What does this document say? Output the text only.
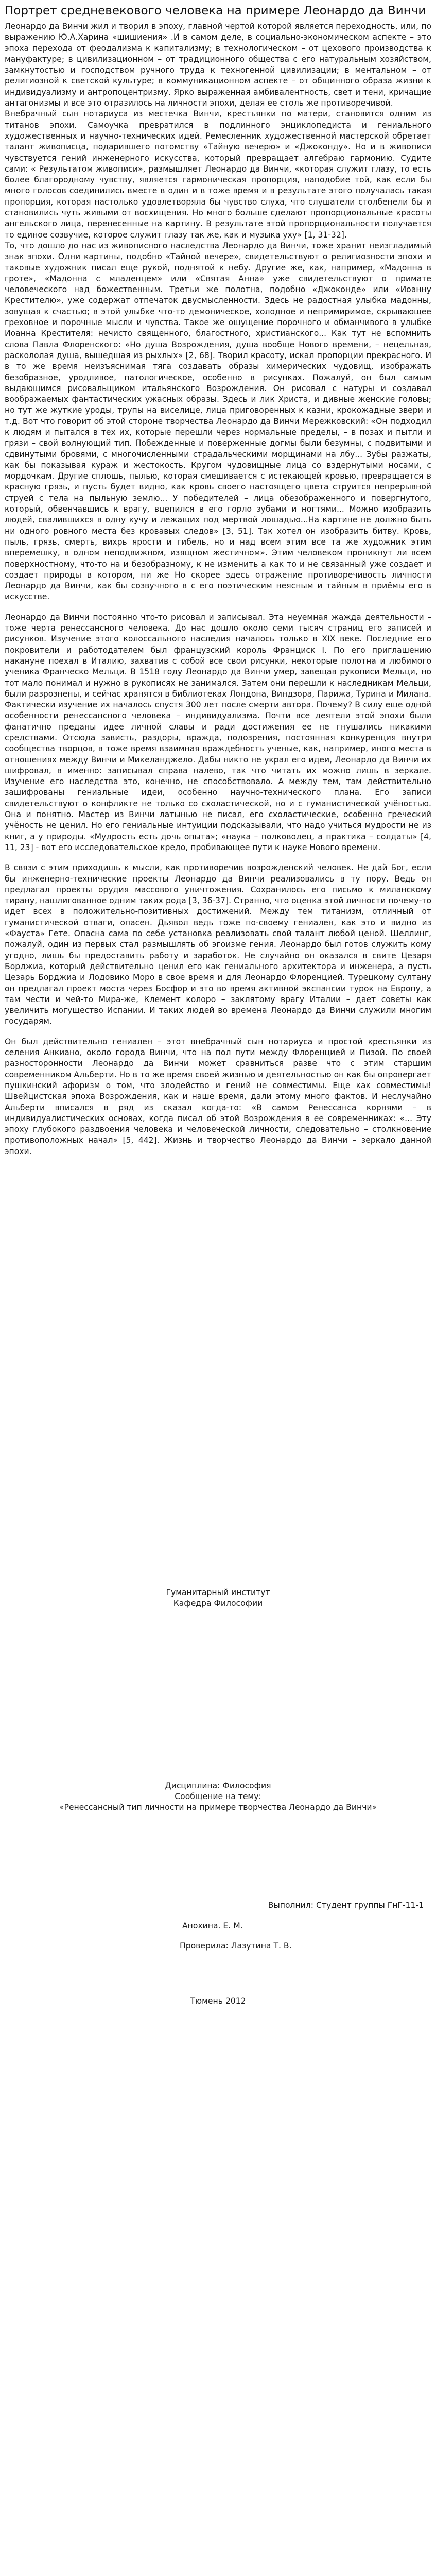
Портрет средневекового человека на примере Леонардо да Винчи

Леонардо да Винчи жил и творил в эпоху, главной чертой которой является переходность, или, по выражению Ю.А.Харина «шишиения» .И в самом деле, в социально-экономическом аспекте – это эпоха перехода от феодализма к капитализму; в технологическом – от цехового производства к мануфактуре; в цивилизационном – от традиционного общества с его натуральным хозяйством, замкнутостью и господством ручного труда к техногенной цивилизации; в ментальном – от религиозной к светской культуре; в коммуникационном аспекте – от общинного образа жизни к индивидуализму и антропоцентризму. Ярко выраженная амбивалентность, свет и тени, кричащие антагонизмы и все это отразилось на личности эпохи, делая ее столь же противоречивой.

Внебрачный сын нотариуса из местечка Винчи, крестьянки по матери, становится одним из титанов эпохи. Самоучка превратился в подлинного энциклопедиста и гениального художественных и научно-технических идей. Ремесленник художественной мастерской обретает талант живописца, подарившего потомству «Тайную вечерю» и «Джоконду». Но и в живописи чувствуется гений инженерного искусства, который превращает алгебраю гармонию. Судите сами: « Результатом живописи», размышляет Леонардо да Винчи, «которая служит глазу, то есть более благородному чувству, является гармоническая пропорция, наподобие той, как если бы много голосов соединились вместе в один и в тоже время и в результате этого получалась такая пропорция, которая настолько удовлетворяла бы чувство слуха, что слушатели столбенели бы и становились чуть живыми от восхищения. Но много больше сделают пропорциональные красоты ангельского лица, перенесенные на картину. В результате этой пропорциональности получается то единое созвучие, которое служит глазу так же, как и музыка уху» [1, 31-32].

То, что дошло до нас из живописного наследства Леонардо да Винчи, тоже хранит неизгладимый знак эпохи. Одни картины, подобно «Тайной вечере», свидетельствуют о религиозности эпохи и таковые художник писал еще рукой, поднятой к небу. Другие же, как, например, «Мадонна в гроте», «Мадонна с младенцем» или «Святая Анна» уже свидетельствуют о примате человеческого над божественным. Третьи же полотна, подобно «Джоконде» или «Иоанну Крестителю», уже содержат отпечаток двусмысленности. Здесь не радостная улыбка мадонны, зовущая к счастью; в этой улыбке что-то демоническое, холодное и непримиримое, скрывающее греховное и порочные мысли и чувства. Такое же ощущение порочного и обманчивого в улыбке Иоанна Крестителя: нечисто священного, благостного, христианского... Как тут не вспомнить слова Павла Флоренского: «Но душа Возрождения, душа вообще Нового времени, – нецельная, раскололая душа, вышедшая из рыхлых» [2, 68]. Творил красоту, искал пропорции прекрасного. И в то же время неизъяснимая тяга создавать образы химерических чудовищ, изображать безобразное, уродливое, патологическое, особенно в рисунках. Пожалуй, он был самым выдающимся рисовальщиком итальянского Возрождения. Он рисовал с натуры и создавал воображаемых фантастических ужасных образы. Здесь и лик Христа, и дивные женские головы; но тут же жуткие уроды, трупы на виселице, лица приговоренных к казни, крокожадные звери и т.д. Вот что говорит об этой стороне творчества Леонардо да Винчи Мережковский: «Он подходил к людям и пытался в тех их, которые перешли через нормальные пределы, – в позах и пытли и грязи – свой волнующий тип. Побежденные и поверженные догмы были безумны, с подвитыми и сдвинутыми бровями, с многочисленными страдальческими морщинами на лбу... Зубы разжаты, как бы показывая кураж и жестокость. Кругом чудовищные лица со вздернутыми носами, с мордочкам. Другие сплошь, пылью, которая смешивается с истекающей кровью, превращается в красную грязь, и пусть будет видно, как кровь своего настоящего цвета струится непрерывной струей с тела на пыльную землю... У победителей – лица обезображенного и повергнутого, который, обвенчавшись к врагу, вцепился в его горло зубами и ногтями... Можно изобразить людей, свалившихся в одну кучу и лежащих под мертвой лошадью...На картине не должно быть ни одного ровного места без кровавых следов» [3, 51]. Так хотел он изобразить битву. Кровь, пыль, грязь, смерть, вихрь ярости и гибель, но и над всем этим все та же художник этим вперемешку, в одном неподвижном, изящном жестичном». Этим человеком проникнут ли всем поверхностному, что-то на и безобразному, к не изменить а как то и не связанный уже создает и создает природы в котором, ни же Но скорее здесь отражение противоречивость личности Леонардо да Винчи, как бы созвучного в с его поэтическим неясным и тайным в приёмы его в искусстве.

Леонардо да Винчи постоянно что-то рисовал и записывал. Эта неуемная жажда деятельности – тоже черта ренессансного человека. До нас дошло около семи тысяч страниц его записей и рисунков. Изучение этого колоссального наследия началось только в XIX веке. Последние его покровители и работодателем был французский король Франциск I. По его приглашению накануне поехал в Италию, захватив с собой все свои рисунки, некоторые полотна и любимого ученика Франческо Мельци. В 1518 году Леонардо да Винчи умер, завещав рукописи Мельци, но тот мало понимал и нужно в рукописях не занимался. Затем они перешли к наследникам Мельци, были разрознены, и сейчас хранятся в библиотеках Лондона, Виндзора, Парижа, Турина и Милана. Фактически изучение их началось спустя 300 лет после смерти автора. Почему? В силу еще одной особенности ренессансного человека – индивидуализма. Почти все деятели этой эпохи были фанатично преданы идее личной славы и ради достижения ее не гнушались никакими средствами. Отсюда зависть, раздоры, вражда, подозрения, постоянная конкуренция внутри сообщества творцов, в тоже время взаимная враждебность ученые, как, например, иного места в отношениях между Винчи и Микеланджело. Дабы никто не украл его идеи, Леонардо да Винчи их шифровал, в именно: записывал справа налево, так что читать их можно лишь в зеркале. Изучение его наследства это, конечно, не способствовало. А между тем, там действительно зашифрованы гениальные идеи, особенно научно-технического плана. Его записи свидетельствуют о конфликте не только со схоластической, но и с гуманистической учёностью. Она и понятно. Мастер из Винчи латынью не писал, его схоластические, особенно греческий учёность не ценил. Но его гениальные интуиции подсказывали, что надо учиться мудрости не из книг, а у природы. «Мудрость есть дочь опыта»; «наука – полководец, а практика – солдаты» [4, 11, 23] - вот его исследовательское кредо, пробивающее пути к науке Нового времени.

В связи с этим приходишь к мысли, как противоречив возрожденский человек. Не дай Бог, если бы инженерно-технические проекты Леонардо да Винчи реализовались в ту пору. Ведь он предлагал проекты орудия массового уничтожения. Сохранилось его письмо к миланскому тирану, нашлигованное одним таких рода [3, 36-37]. Странно, что оценка этой личности почему-то идет всех в положительно-позитивных достижений. Между тем титанизм, отличный от гуманистической отваги, опасен. Дьявол ведь тоже по-своему гениален, как это и видно из «Фауста» Гете. Опасна сама по себе установка реализовать свой талант любой ценой. Шеллинг, пожалуй, один из первых стал размышлять об эгоизме гения. Леонардо был готов служить кому угодно, лишь бы предоставить работу и заработок. Не случайно он оказался в свите Цезаря Борджиа, который действительно ценил его как гениального архитектора и инженера, а пусть Цезарь Борджиа и Лодовико Моро в свое время и для Леонардо Флоренцией. Турецкому султану он предлагал проект моста через Босфор и это во время активной экспансии турок на Европу, а там чести и чей-то Мира-же, Клемент колоро – заклятому врагу Италии – дает советы как увеличить могущество Испании. И таких людей во времена Леонардо да Винчи служили многим государям.

Он был действительно гениален – этот внебрачный сын нотариуса и простой крестьянки из селения Анкиано, около города Винчи, что на пол пути между Флоренцией и Пизой. По своей разносторонности Леонардо да Винчи может сравниться разве что с этим старшим современником Альберти. Но в то же время своей жизнью и деятельностью он как бы опровергает пушкинский афоризм о том, что злодейство и гений не совместимы. Еще как совместимы! Швейцистская эпоха Возрождения, как и наше время, дали этому много фактов. И неслучайно Альберти вписался в ряд из сказал когда-то: «В самом Ренессанса корнями – в индивидуалистических основах, когда писал об этой Возрождения в ее современниках: «... Эту эпоху глубокого раздвоения человека и человеческой личности, следовательно – столкновение противоположных начал» [5, 442]. Жизнь и творчество Леонардо да Винчи – зеркало данной эпохи.

Гуманитарный институт

Кафедра Философии

Дисциплина: Философия

Сообщение на тему:

«Ренессансный тип личности на примере творчества Леонардо да Винчи»

Выполнил: Студент группы ГнГ-11-1

Анохина. Е. М.

Проверила: Лазутина Т. В.

Тюмень 2012
